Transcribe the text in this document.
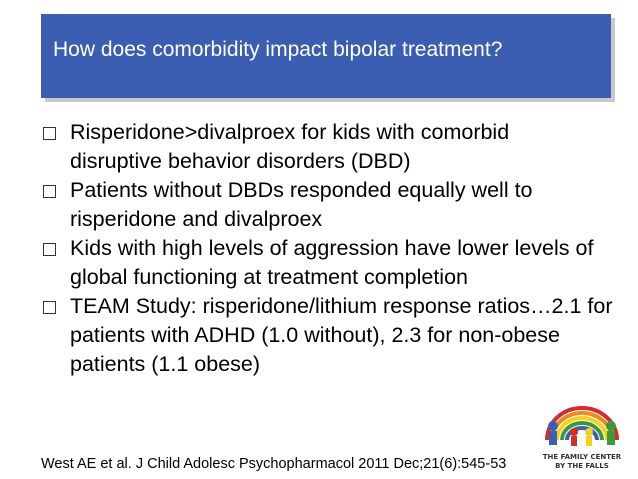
How does comorbidity impact bipolar treatment?
Risperidone>divalproex for kids with comorbid disruptive behavior disorders (DBD)
Patients without DBDs responded equally well to risperidone and divalproex
Kids with high levels of aggression have lower levels of global functioning at treatment completion
TEAM Study: risperidone/lithium response ratios…2.1 for patients with ADHD (1.0 without), 2.3 for non-obese patients (1.1 obese)
West AE et al. J Child Adolesc Psychopharmacol 2011 Dec;21(6):545-53	THE FAMILY CENTER
BY THE FALLS
